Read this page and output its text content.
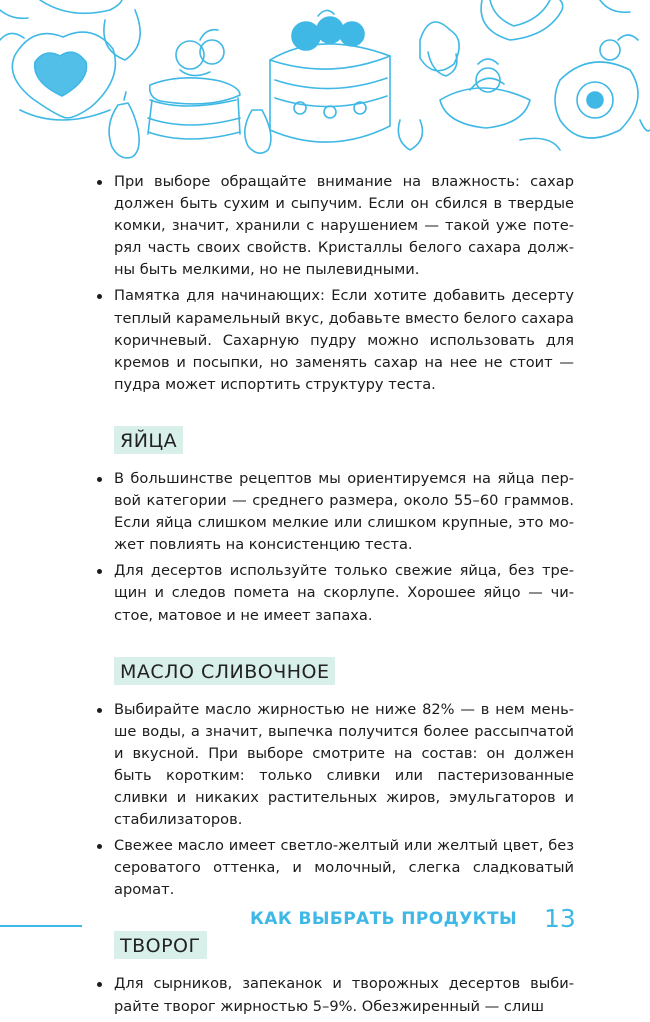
При выборе обращайте внимание на влажность: сахар должен быть сухим и сыпучим. Если он сбился в твердые комки, значит, хранили с нарушением — такой уже потерял часть своих свойств. Кристаллы белого сахара должны быть мелкими, но не пылевидными.
Памятка для начинающих: Если хотите добавить десерту теплый карамельный вкус, добавьте вместо белого сахара коричневый. Сахарную пудру можно использовать для кремов и посыпки, но заменять сахар на нее не стоит — пудра может испортить структуру теста.
ЯЙЦА
В большинстве рецептов мы ориентируемся на яйца первой категории — среднего размера, около 55–60 граммов. Если яйца слишком мелкие или слишком крупные, это может повлиять на консистенцию теста.
Для десертов используйте только свежие яйца, без трещин и следов помета на скорлупе. Хорошее яйцо — чистое, матовое и не имеет запаха.
МАСЛО СЛИВОЧНОЕ
Выбирайте масло жирностью не ниже 82% — в нем меньше воды, а значит, выпечка получится более рассыпчатой и вкусной. При выборе смотрите на состав: он должен быть коротким: только сливки или пастеризованные сливки и никаких растительных жиров, эмульгаторов и стабилизаторов.
Свежее масло имеет светло-желтый или желтый цвет, без сероватого оттенка, и молочный, слегка сладковатый аромат.
ТВОРОГ
Для сырников, запеканок и творожных десертов выбирайте творог жирностью 5–9%. Обезжиренный — слиш
КАК ВЫБРАТЬ ПРОДУКТЫ 13
